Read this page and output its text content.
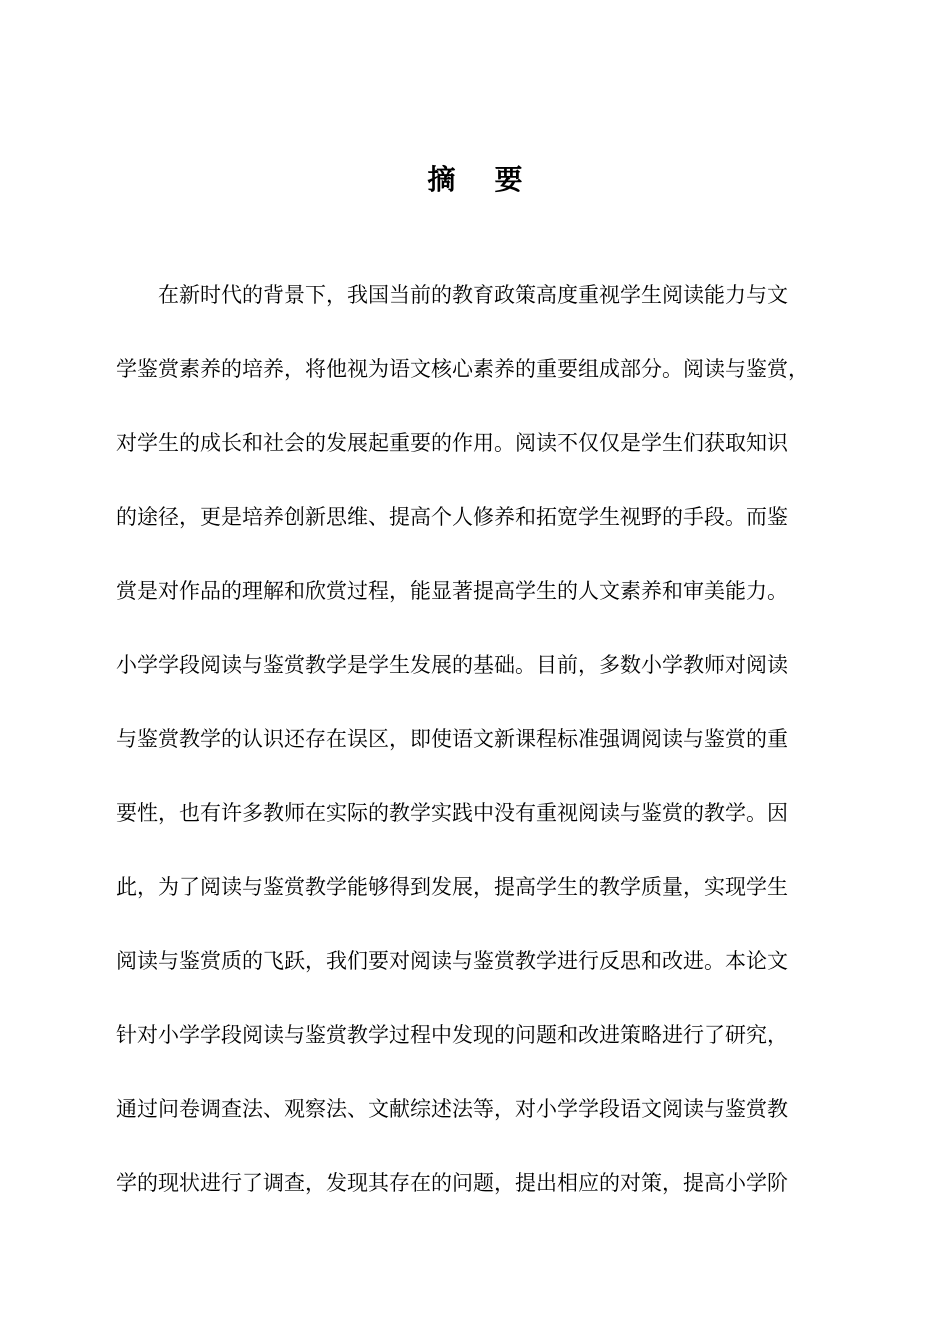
摘    要
　　在新时代的背景下，我国当前的教育政策高度重视学生阅读能力与文
学鉴赏素养的培养，将他视为语文核心素养的重要组成部分。阅读与鉴赏，
对学生的成长和社会的发展起重要的作用。阅读不仅仅是学生们获取知识
的途径，更是培养创新思维、提高个人修养和拓宽学生视野的手段。而鉴
赏是对作品的理解和欣赏过程，能显著提高学生的人文素养和审美能力。
小学学段阅读与鉴赏教学是学生发展的基础。目前，多数小学教师对阅读
与鉴赏教学的认识还存在误区，即使语文新课程标准强调阅读与鉴赏的重
要性，也有许多教师在实际的教学实践中没有重视阅读与鉴赏的教学。因
此，为了阅读与鉴赏教学能够得到发展，提高学生的教学质量，实现学生
阅读与鉴赏质的飞跃，我们要对阅读与鉴赏教学进行反思和改进。本论文
针对小学学段阅读与鉴赏教学过程中发现的问题和改进策略进行了研究，
通过问卷调查法、观察法、文献综述法等，对小学学段语文阅读与鉴赏教
学的现状进行了调查，发现其存在的问题，提出相应的对策，提高小学阶
